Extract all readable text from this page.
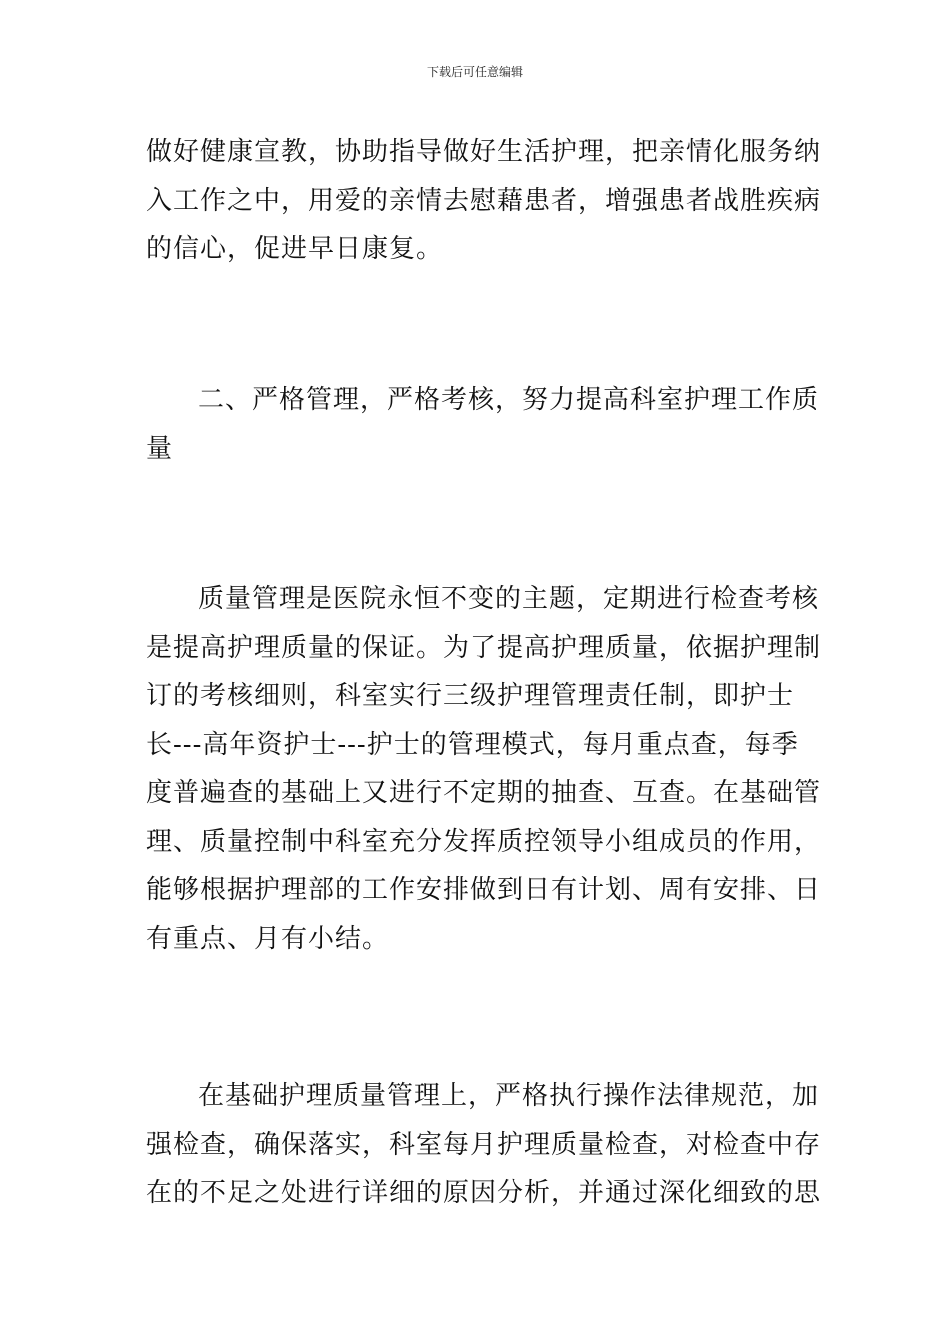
下载后可任意编辑
做好健康宣教，协助指导做好生活护理，把亲情化服务纳
入工作之中，用爱的亲情去慰藉患者，增强患者战胜疾病
的信心，促进早日康复。
二、严格管理，严格考核，努力提高科室护理工作质
量
质量管理是医院永恒不变的主题，定期进行检查考核
是提高护理质量的保证。为了提高护理质量，依据护理制
订的考核细则，科室实行三级护理管理责任制，即护士
长---高年资护士---护士的管理模式，每月重点查，每季
度普遍查的基础上又进行不定期的抽查、互查。在基础管
理、质量控制中科室充分发挥质控领导小组成员的作用，
能够根据护理部的工作安排做到日有计划、周有安排、日
有重点、月有小结。
在基础护理质量管理上，严格执行操作法律规范，加
强检查，确保落实，科室每月护理质量检查，对检查中存
在的不足之处进行详细的原因分析，并通过深化细致的思
